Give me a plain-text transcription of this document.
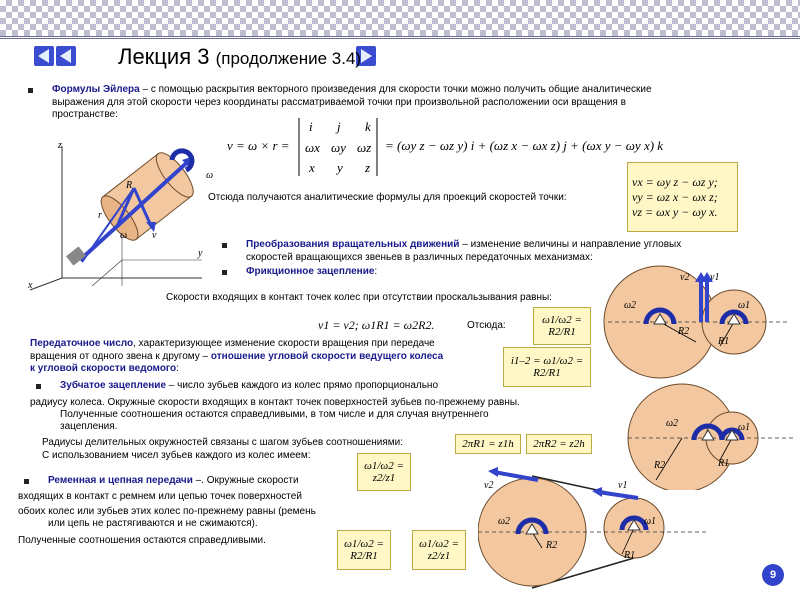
Лекция 3 (продолжение 3.4)
Формулы Эйлера – с помощью раскрытия векторного произведения для скорости точки можно получить общие аналитические
выражения для этой скорости через координаты рассматриваемой точки при произвольной расположении оси вращения в
пространстве:
v = ω × r =
i j k
ωx ωy ωz
x y z
= (ωy z − ωz y) i + (ωz x − ωx z) j + (ωx y − ωy x) k
vx = ωy z − ωz y;
vy = ωz x − ωx z;
vz = ωx y − ωy x.
Отсюда получаются аналитические формулы для проекций скоростей точки:
z
y
x
R
r
ω v
ω
Преобразования вращательных движений – изменение величины и направление угловых
скоростей вращающихся звеньев в различных передаточных механизмах:
Фрикционное зацепление:
Скорости входящих в контакт точек колес при отсутствии проскальзывания равны:
v1 = v2; ω1R1 = ω2R2.	Отсюда:	ω1/ω2 = R2/R1
Передаточное число, характеризующее изменение скорости вращения при передаче
вращения от одного звена к другому – отношение угловой скорости ведущего колеса
к угловой скорости ведомого:
i1–2 = ω1/ω2 = R2/R1
Зубчатое зацепление – число зубьев каждого из колес прямо пропорционально
радиусу колеса. Окружные скорости входящих в контакт точек поверхностей зубьев по-прежнему равны.
Полученные соотношения остаются справедливыми, в том числе и для случая внутреннего
зацепления.
Радиусы делительных окружностей связаны с шагом зубьев соотношениями:
С использованием чисел зубьев каждого из колес имеем:
2πR1 = z1h	2πR2 = z2h
ω1/ω2 = z2/z1
Ременная и цепная передачи –. Окружные скорости
входящих в контакт с ремнем или цепью точек поверхностей
обоих колес или зубьев этих колес по-прежнему равны (ремень
или цепь не растягиваются и не сжимаются).
Полученные соотношения остаются справедливыми.	ω1/ω2 = R2/R1
ω1/ω2 = z2/z1
ω2	ω1
R2
R1
v2 v1
ω2	ω1
R2	R1
v2	v1
ω2	ω1
R2
R1
9
